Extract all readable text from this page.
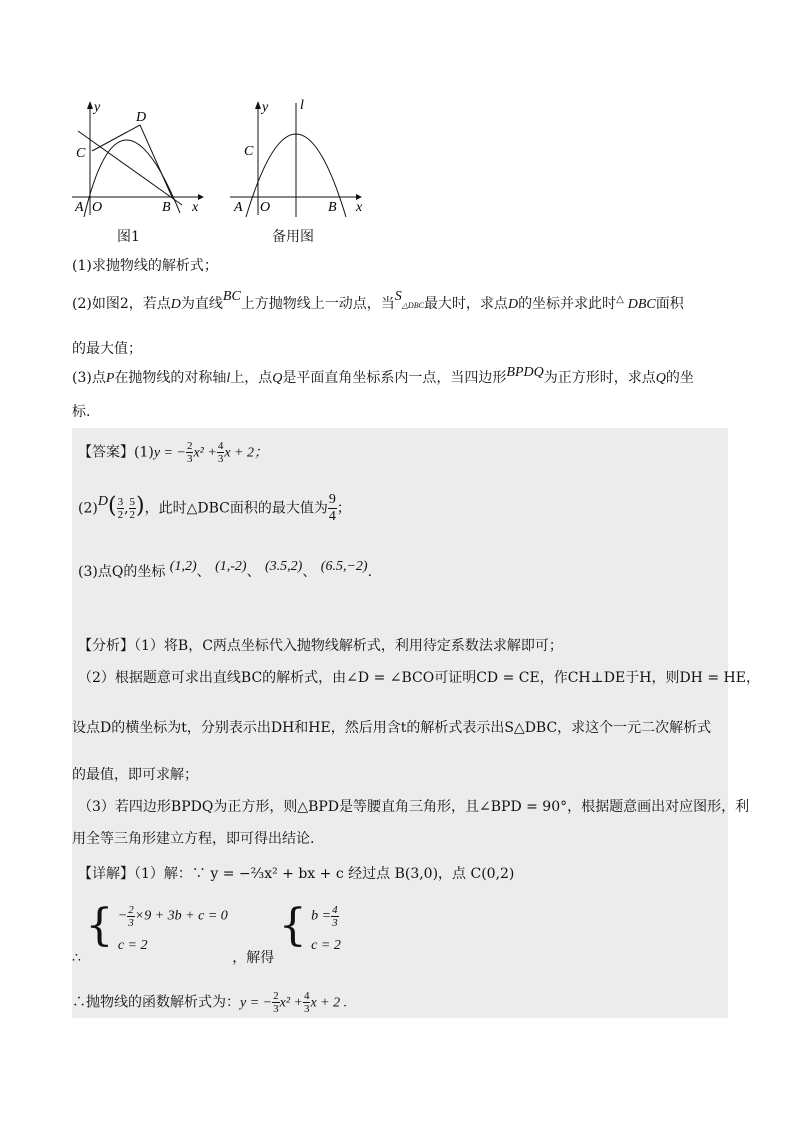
y
x
A O	B
C
D
图1
y l
x
A O	B
C
备用图
(1)求抛物线的解析式；
(2)如图2，若点D为直线BC上方抛物线上一动点，当S△DBC最大时，求点D的坐标并求此时△ DBC面积
的最大值；
(3)点P在抛物线的对称轴l上，点Q是平面直角坐标系内一点，当四边形BPDQ为正方形时，求点Q的坐
标.
【答案】(1)y = − $\frac{2}{3} x^2 + \frac{4}{3}$ x + 2；
$(2)D( \frac{3}{2}$ , $\frac{5}{2}$ )，此时△DBC面积的最大值为 $\frac{9}{4}$ ；
(3)点Q的坐标 (1,2)、 (1,-2)、 (3.5,2)、 (6.5,−2).
【分析】（1）将B，C两点坐标代入抛物线解析式，利用待定系数法求解即可；
（2）根据题意可求出直线BC的解析式，由∠D = ∠BCO可证明CD = CE，作CH⊥DE于H，则DH = HE，
设点D的横坐标为t，分别表示出DH和HE，然后用含t的解析式表示出S△DBC，求这个一元二次解析式
的最值，即可求解；
（3）若四边形BPDQ为正方形，则△BPD是等腰直角三角形，且∠BPD = 90°，根据题意画出对应图形，利
用全等三角形建立方程，即可得出结论.
【详解】（1）解：∵ y = −⅔x² + bx + c 经过点 B(3,0)，点 C(0,2)
∴ { − $\frac{2}{3} \times 9 + 3b + c = 0$
c = 2
，解得 { $b = \frac{4}{3}$
c = 2
∴抛物线的函数解析式为：y = − $\frac{2}{3} x^2 + \frac{4}{3}$ x + 2 .
